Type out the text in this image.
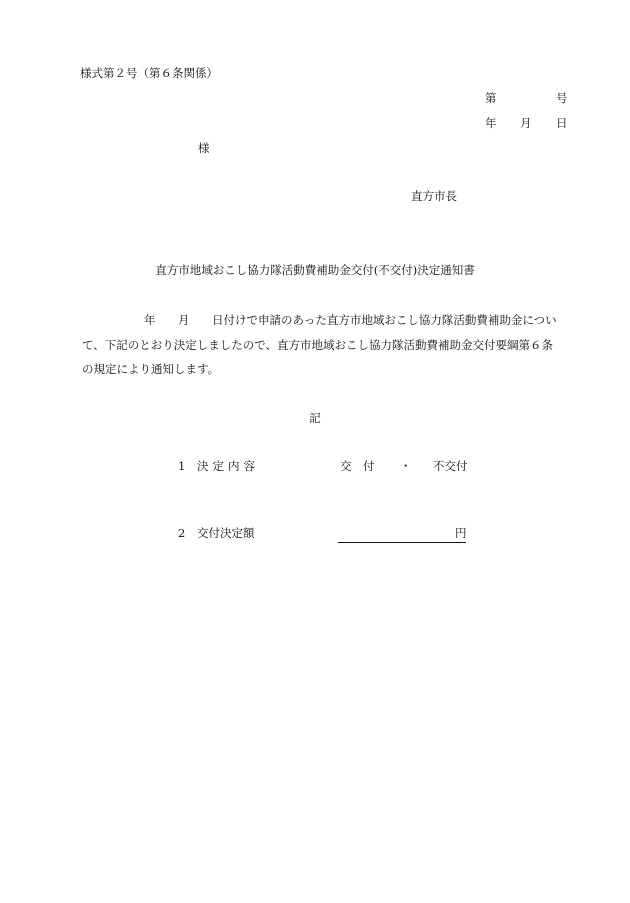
様式第２号（第６条関係）
第	号
年 月 日
様
直方市長
直方市地域おこし協力隊活動費補助金交付(不交付)決定通知書
年 月 日付けで申請のあった直方市地域おこし協力隊活動費補助金につい
て、下記のとおり決定しましたので、直方市地域おこし協力隊活動費補助金交付要綱第６条
の規定により通知します。
記
1 決定内容	交　付 ・ 不交付
2 交付決定額	円
